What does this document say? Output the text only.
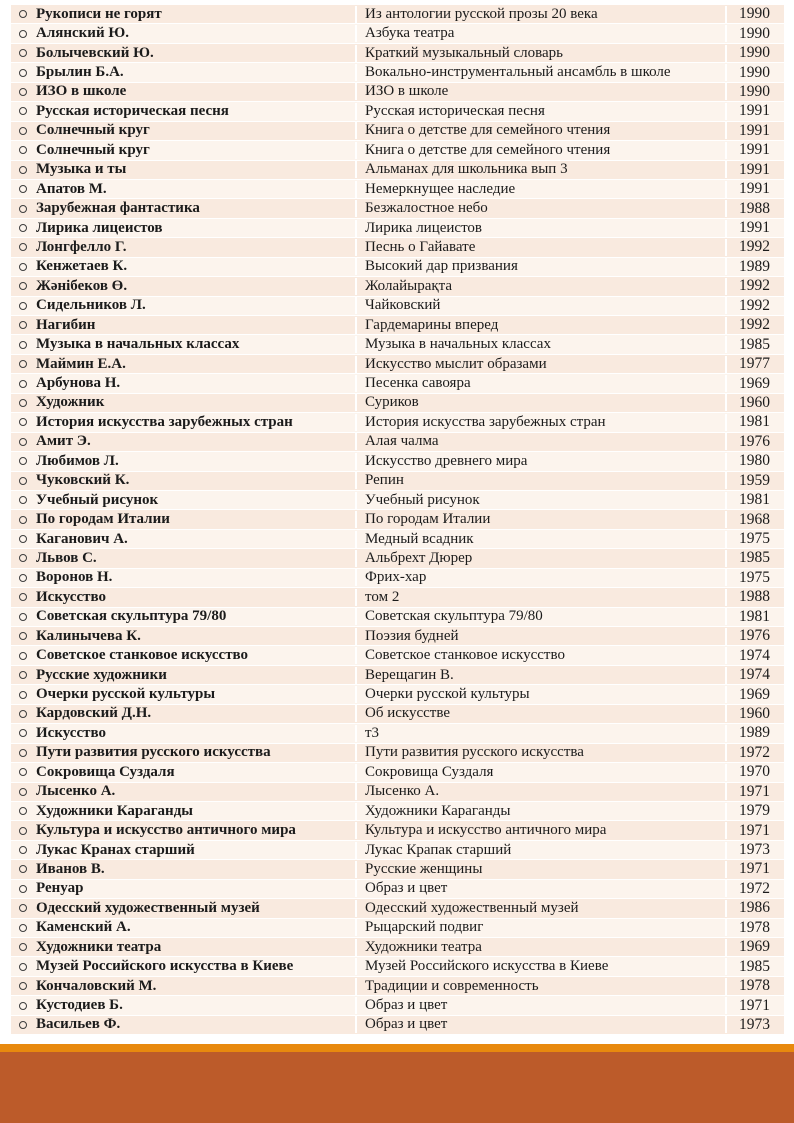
Рукописи не горят	Из антологии русской прозы 20 века	1990
Алянский Ю.	Азбука театра	1990
Болычевский Ю.	Краткий музыкальный словарь	1990
Брылин Б.А.	Вокально-инструментальный ансамбль в школе	1990
ИЗО в школе	ИЗО в школе	1990
Русская историческая песня	Русская историческая песня	1991
Солнечный круг	Книга о детстве для семейного чтения	1991
Солнечный круг	Книга о детстве для семейного чтения	1991
Музыка и ты	Альманах для школьника вып 3	1991
Апатов М.	Немеркнущее наследие	1991
Зарубежная фантастика	Безжалостное небо	1988
Лирика лицеистов	Лирика лицеистов	1991
Лонгфелло Г.	Песнь о Гайавате	1992
Кенжетаев К.	Высокий дар призвания	1989
Жәнібеков Ө.	Жолайырақта	1992
Сидельников Л.	Чайковский	1992
Нагибин	Гардемарины вперед	1992
Музыка в начальных классах	Музыка в начальных классах	1985
Маймин Е.А.	Искусство мыслит образами	1977
Арбунова Н.	Песенка савояра	1969
Художник	Суриков	1960
История искусства зарубежных стран	История искусства зарубежных стран	1981
Амит Э.	Алая чалма	1976
Любимов Л.	Искусство древнего мира	1980
Чуковский К.	Репин	1959
Учебный рисунок	Учебный рисунок	1981
По городам Италии	По городам Италии	1968
Каганович А.	Медный всадник	1975
Львов С.	Альбрехт Дюрер	1985
Воронов Н.	Фрих-хар	1975
Искусство	том 2	1988
Советская скульптура 79/80	Советская скульптура 79/80	1981
Калинычева К.	Поэзия будней	1976
Советское станковое искусство	Советское станковое искусство	1974
Русские художники	Верещагин В.	1974
Очерки русской культуры	Очерки русской культуры	1969
Кардовский Д.Н.	Об искусстве	1960
Искусство	т3	1989
Пути развития русского искусства	Пути развития русского искусства	1972
Сокровища Суздаля	Сокровища Суздаля	1970
Лысенко А.	Лысенко А.	1971
Художники Караганды	Художники Караганды	1979
Культура и искусство античного мира	Культура и искусство античного мира	1971
Лукас Кранах старший	Лукас Крапак старший	1973
Иванов В.	Русские женщины	1971
Ренуар	Образ и цвет	1972
Одесский художественный музей	Одесский художественный музей	1986
Каменский А.	Рыцарский подвиг	1978
Художники театра	Художники театра	1969
Музей Российского искусства в Киеве	Музей Российского искусства в Киеве	1985
Кончаловский М.	Традиции и современность	1978
Кустодиев Б.	Образ и цвет	1971
Васильев Ф.	Образ и цвет	1973
